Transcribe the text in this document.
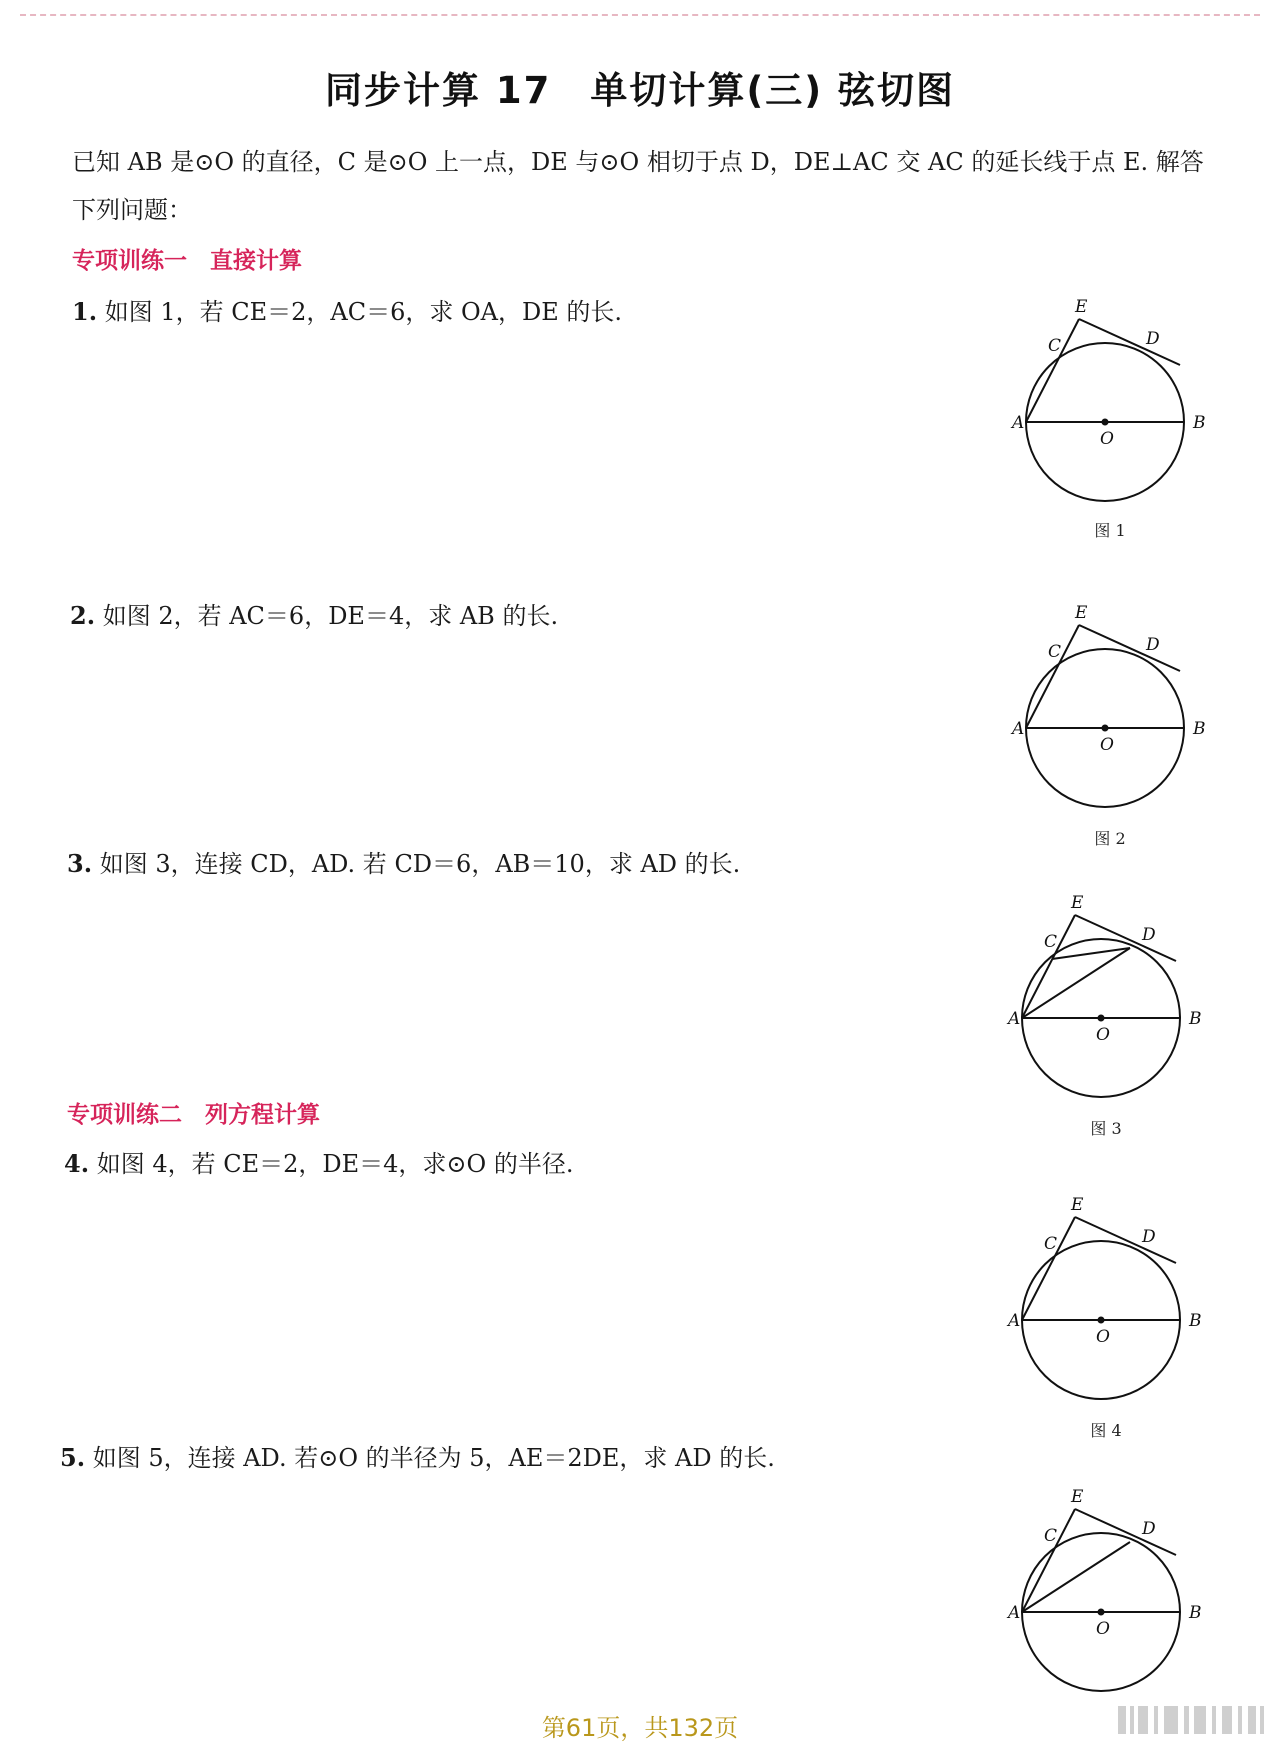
同步计算 17　单切计算(三) 弦切图
已知 AB 是⊙O 的直径，C 是⊙O 上一点，DE 与⊙O 相切于点 D，DE⊥AC 交 AC 的延长线于点 E. 解答下列问题：
专项训练一　直接计算
1. 如图 1，若 CE＝2，AC＝6，求 OA，DE 的长.
2. 如图 2，若 AC＝6，DE＝4，求 AB 的长.
3. 如图 3，连接 CD，AD. 若 CD＝6，AB＝10，求 AD 的长.
专项训练二　列方程计算
4. 如图 4，若 CE＝2，DE＝4，求⊙O 的半径.
5. 如图 5，连接 AD. 若⊙O 的半径为 5，AE＝2DE，求 AD 的长.
E
C	D
A	B
O
图 1
E
C	D
A	B
O
图 2
E
C	D
A	B
O
图 3
E
C	D
A	B
O
图 4
E
C	D
A	B
O
第61页，共132页
